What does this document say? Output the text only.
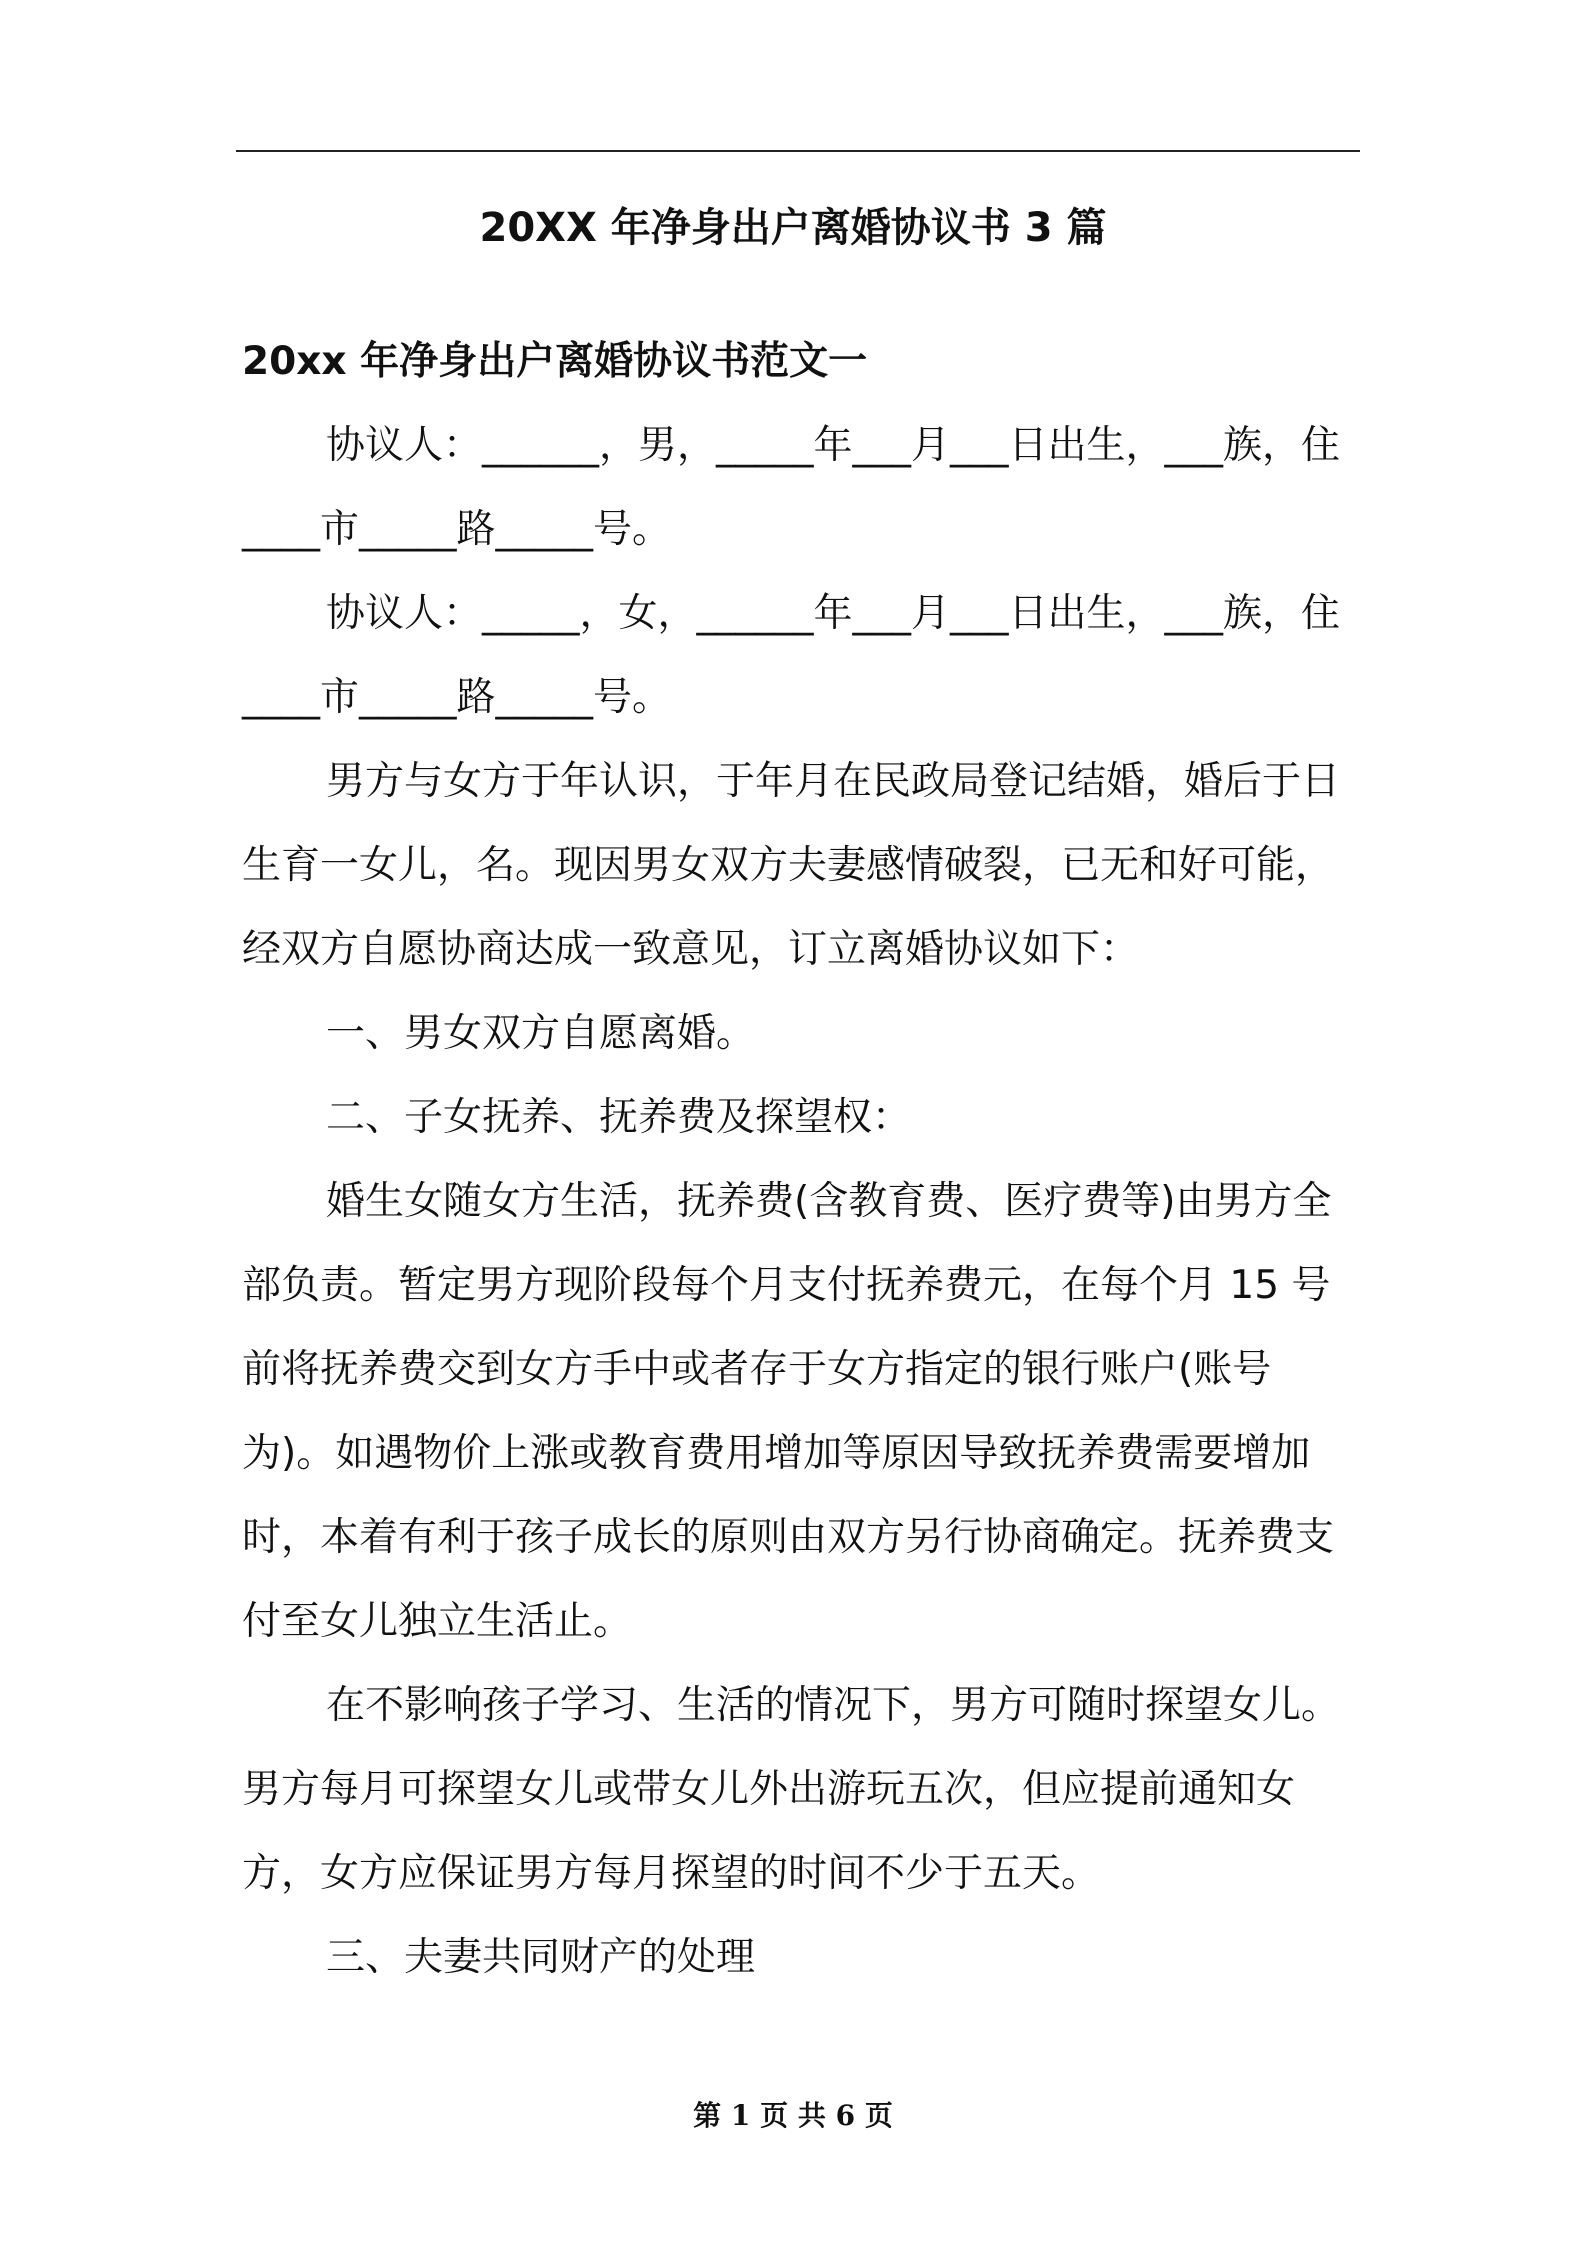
20XX 年净身出户离婚协议书 3 篇

20xx 年净身出户离婚协议书范文一

协议人：______，男，_____年___月___日出生，___族，住____市_____路_____号。

协议人：_____，女，______年___月___日出生，___族，住____市_____路_____号。

男方与女方于年认识，于年月在民政局登记结婚，婚后于日生育一女儿，名。现因男女双方夫妻感情破裂，已无和好可能，经双方自愿协商达成一致意见，订立离婚协议如下：

一、男女双方自愿离婚。

二、子女抚养、抚养费及探望权：

婚生女随女方生活，抚养费(含教育费、医疗费等)由男方全部负责。暂定男方现阶段每个月支付抚养费元，在每个月 15 号前将抚养费交到女方手中或者存于女方指定的银行账户(账号为)。如遇物价上涨或教育费用增加等原因导致抚养费需要增加时，本着有利于孩子成长的原则由双方另行协商确定。抚养费支付至女儿独立生活止。

在不影响孩子学习、生活的情况下，男方可随时探望女儿。男方每月可探望女儿或带女儿外出游玩五次，但应提前通知女方，女方应保证男方每月探望的时间不少于五天。

三、夫妻共同财产的处理

第 1 页 共 6 页
